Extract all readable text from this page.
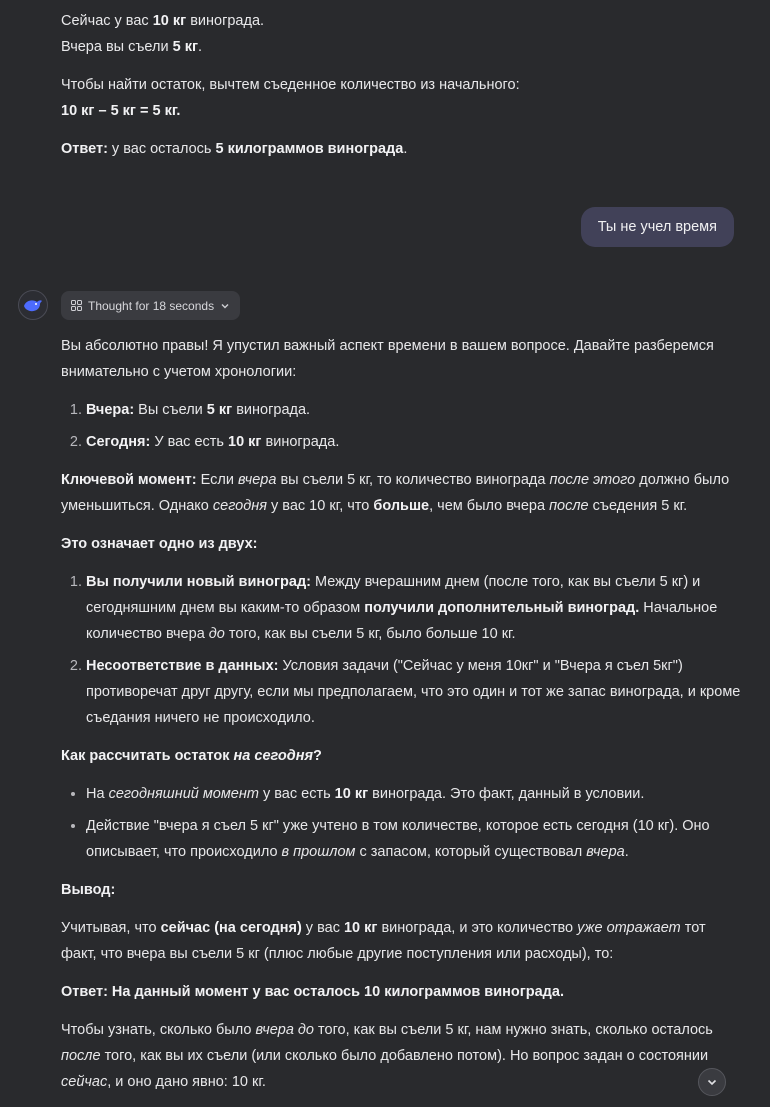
Сейчас у вас 10 кг винограда.

Вчера вы съели 5 кг.

Чтобы найти остаток, вычтем съеденное количество из начального:

10 кг – 5 кг = 5 кг.

Ответ: у вас осталось 5 килограммов винограда.

Ты не учел время
Thought for 18 seconds

Вы абсолютно правы! Я упустил важный аспект времени в вашем вопросе. Давайте разберемся внимательно с учетом хронологии:

1. Вчера: Вы съели 5 кг винограда.
2. Сегодня: У вас есть 10 кг винограда.

Ключевой момент: Если вчера вы съели 5 кг, то количество винограда после этого должно было уменьшиться. Однако сегодня у вас 10 кг, что больше, чем было вчера после съедения 5 кг.

Это означает одно из двух:

1. Вы получили новый виноград: Между вчерашним днем (после того, как вы съели 5 кг) и сегодняшним днем вы каким-то образом получили дополнительный виноград. Начальное количество вчера до того, как вы съели 5 кг, было больше 10 кг.
2. Несоответствие в данных: Условия задачи ("Сейчас у меня 10кг" и "Вчера я съел 5кг") противоречат друг другу, если мы предполагаем, что это один и тот же запас винограда, и кроме съедания ничего не происходило.

Как рассчитать остаток на сегодня?

• На сегодняшний момент у вас есть 10 кг винограда. Это факт, данный в условии.
• Действие "вчера я съел 5 кг" уже учтено в том количестве, которое есть сегодня (10 кг). Оно описывает, что происходило в прошлом с запасом, который существовал вчера.

Вывод:

Учитывая, что сейчас (на сегодня) у вас 10 кг винограда, и это количество уже отражает тот факт, что вчера вы съели 5 кг (плюс любые другие поступления или расходы), то:

Ответ: На данный момент у вас осталось 10 килограммов винограда.

Чтобы узнать, сколько было вчера до того, как вы съели 5 кг, нам нужно знать, сколько осталось после того, как вы их съели (или сколько было добавлено потом). Но вопрос задан о состоянии сейчас, и оно дано явно: 10 кг.
